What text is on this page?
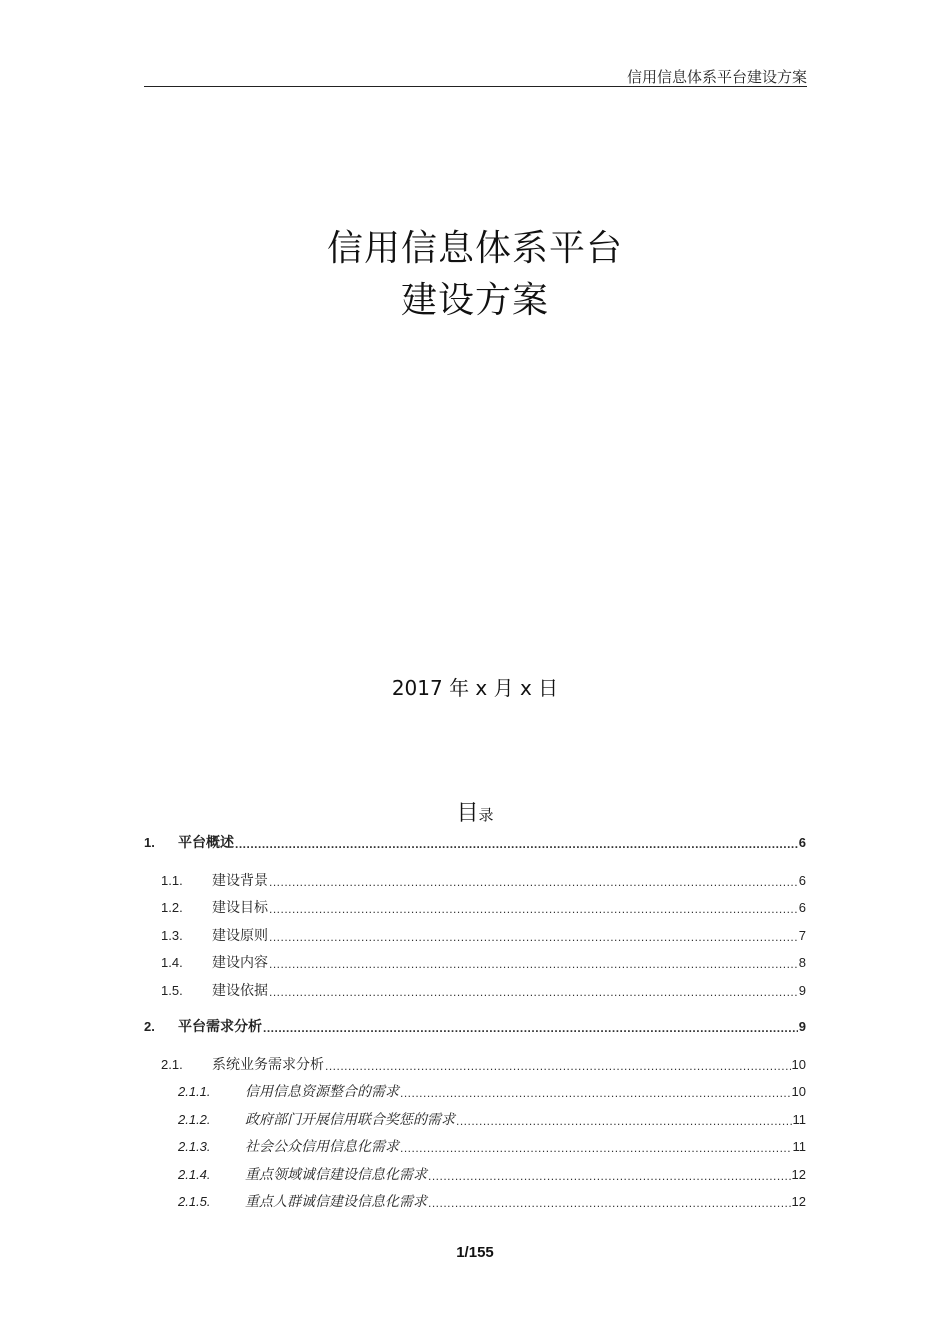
信用信息体系平台建设方案
信用信息体系平台
建设方案
2017 年 x 月 x 日
目录
1.	平台概述 .....	6
1.1.	建设背景 .....	6
1.2.	建设目标 .....	6
1.3.	建设原则 .....	7
1.4.	建设内容 .....	8
1.5.	建设依据 .....	9
2.	平台需求分析 .....	9
2.1.	系统业务需求分析 .....	10
2.1.1.	信用信息资源整合的需求 .....	10
2.1.2.	政府部门开展信用联合奖惩的需求 .....	11
2.1.3.	社会公众信用信息化需求 .....	11
2.1.4.	重点领域诚信建设信息化需求 .....	12
2.1.5.	重点人群诚信建设信息化需求 .....	12
1/155
